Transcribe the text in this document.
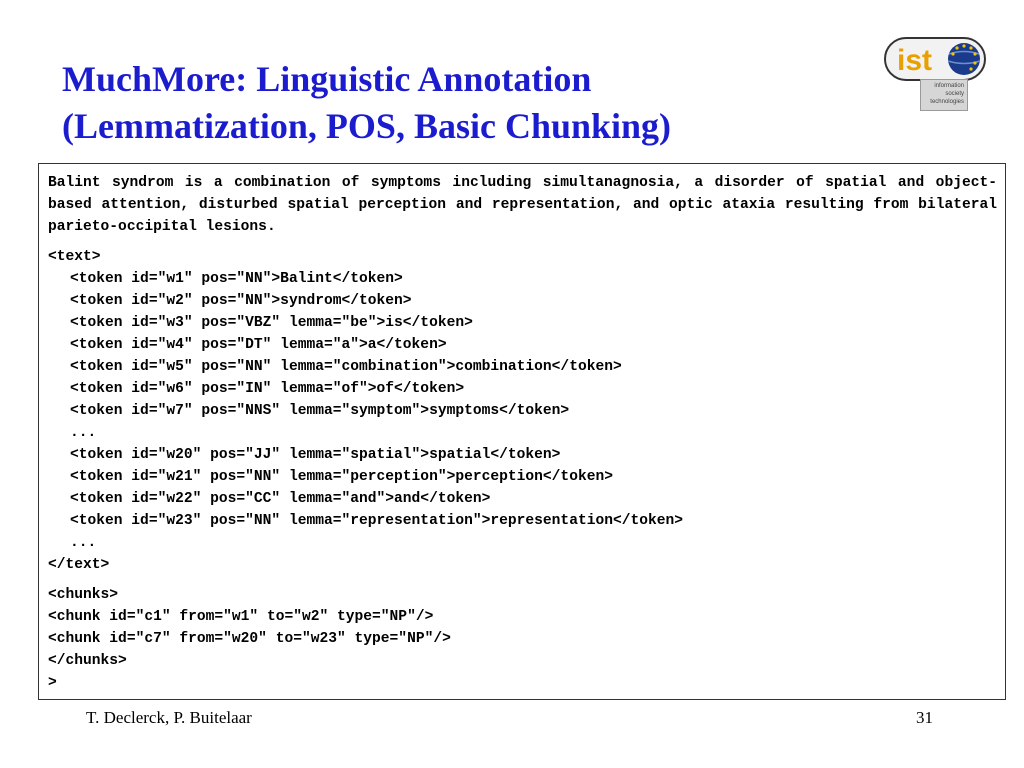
MuchMore: Linguistic Annotation
(Lemmatization, POS, Basic Chunking)
ist
information
society
technologies

Balint syndrom is a combination of symptoms including simultanagnosia, a disorder of spatial and object-based attention, disturbed spatial perception and representation, and optic ataxia resulting from bilateral parieto-occipital lesions.

<text>
<token id="w1" pos="NN">Balint</token>
<token id="w2" pos="NN">syndrom</token>
<token id="w3" pos="VBZ" lemma="be">is</token>
<token id="w4" pos="DT" lemma="a">a</token>
<token id="w5" pos="NN" lemma="combination">combination</token>
<token id="w6" pos="IN" lemma="of">of</token>
<token id="w7" pos="NNS" lemma="symptom">symptoms</token>
...
<token id="w20" pos="JJ" lemma="spatial">spatial</token>
<token id="w21" pos="NN" lemma="perception">perception</token>
<token id="w22" pos="CC" lemma="and">and</token>
<token id="w23" pos="NN" lemma="representation">representation</token>
...
</text>
<chunks>
<chunk id="c1" from="w1" to="w2" type="NP"/>
<chunk id="c7" from="w20" to="w23" type="NP"/>
</chunks>
>
T. Declerck, P. Buitelaar	31
